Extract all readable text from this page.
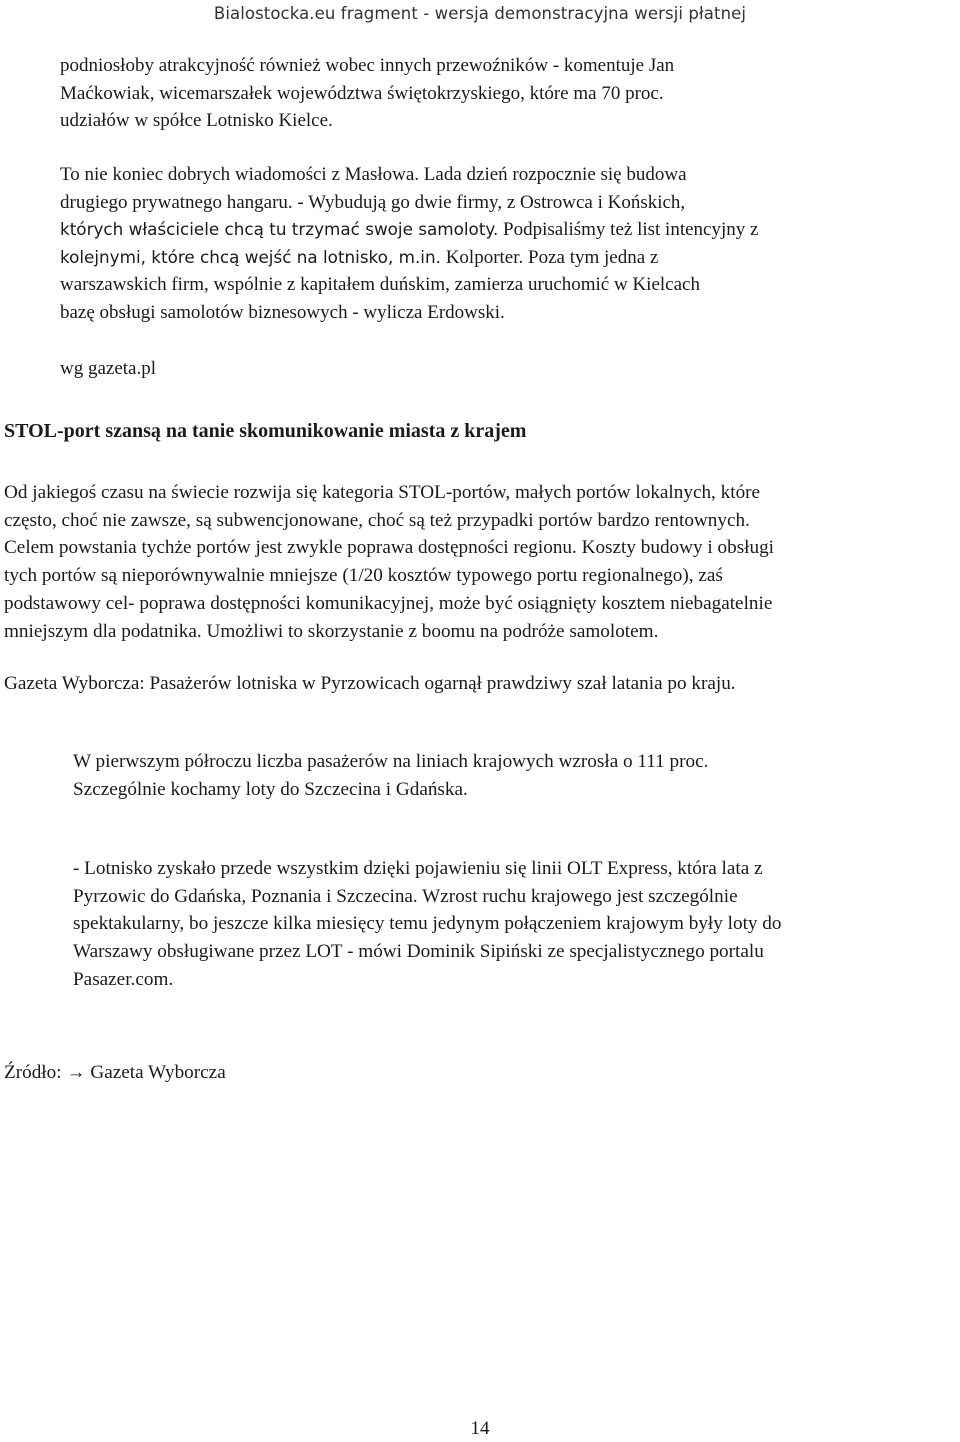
Bialostocka.eu fragment - wersja demonstracyjna wersji płatnej
podniosłoby atrakcyjność również wobec innych przewoźników - komentuje Jan
Maćkowiak, wicemarszałek województwa świętokrzyskiego, które ma 70 proc.
udziałów w spółce Lotnisko Kielce.
To nie koniec dobrych wiadomości z Masłowa. Lada dzień rozpocznie się budowa
drugiego prywatnego hangaru. - Wybudują go dwie firmy, z Ostrowca i Końskich,
których właściciele chcą tu trzymać swoje samoloty. Podpisaliśmy też list intencyjny z
kolejnymi, które chcą wejść na lotnisko, m.in. Kolporter. Poza tym jedna z
warszawskich firm, wspólnie z kapitałem duńskim, zamierza uruchomić w Kielcach
bazę obsługi samolotów biznesowych - wylicza Erdowski.
wg gazeta.pl
STOL-port szansą na tanie skomunikowanie miasta z krajem
Od jakiegoś czasu na świecie rozwija się kategoria STOL-portów, małych portów lokalnych, które
często, choć nie zawsze, są subwencjonowane, choć są też przypadki portów bardzo rentownych.
Celem powstania tychże portów jest zwykle poprawa dostępności regionu. Koszty budowy i obsługi
tych portów są nieporównywalnie mniejsze (1/20 kosztów typowego portu regionalnego), zaś
podstawowy cel- poprawa dostępności komunikacyjnej, może być osiągnięty kosztem niebagatelnie
mniejszym dla podatnika. Umożliwi to skorzystanie z boomu na podróże samolotem.
Gazeta Wyborcza: Pasażerów lotniska w Pyrzowicach ogarnął prawdziwy szał latania po kraju.
W pierwszym półroczu liczba pasażerów na liniach krajowych wzrosła o 111 proc.
Szczególnie kochamy loty do Szczecina i Gdańska.
- Lotnisko zyskało przede wszystkim dzięki pojawieniu się linii OLT Express, która lata z
Pyrzowic do Gdańska, Poznania i Szczecina. Wzrost ruchu krajowego jest szczególnie
spektakularny, bo jeszcze kilka miesięcy temu jedynym połączeniem krajowym były loty do
Warszawy obsługiwane przez LOT - mówi Dominik Sipiński ze specjalistycznego portalu
Pasazer.com.
Źródło: → Gazeta Wyborcza
14
